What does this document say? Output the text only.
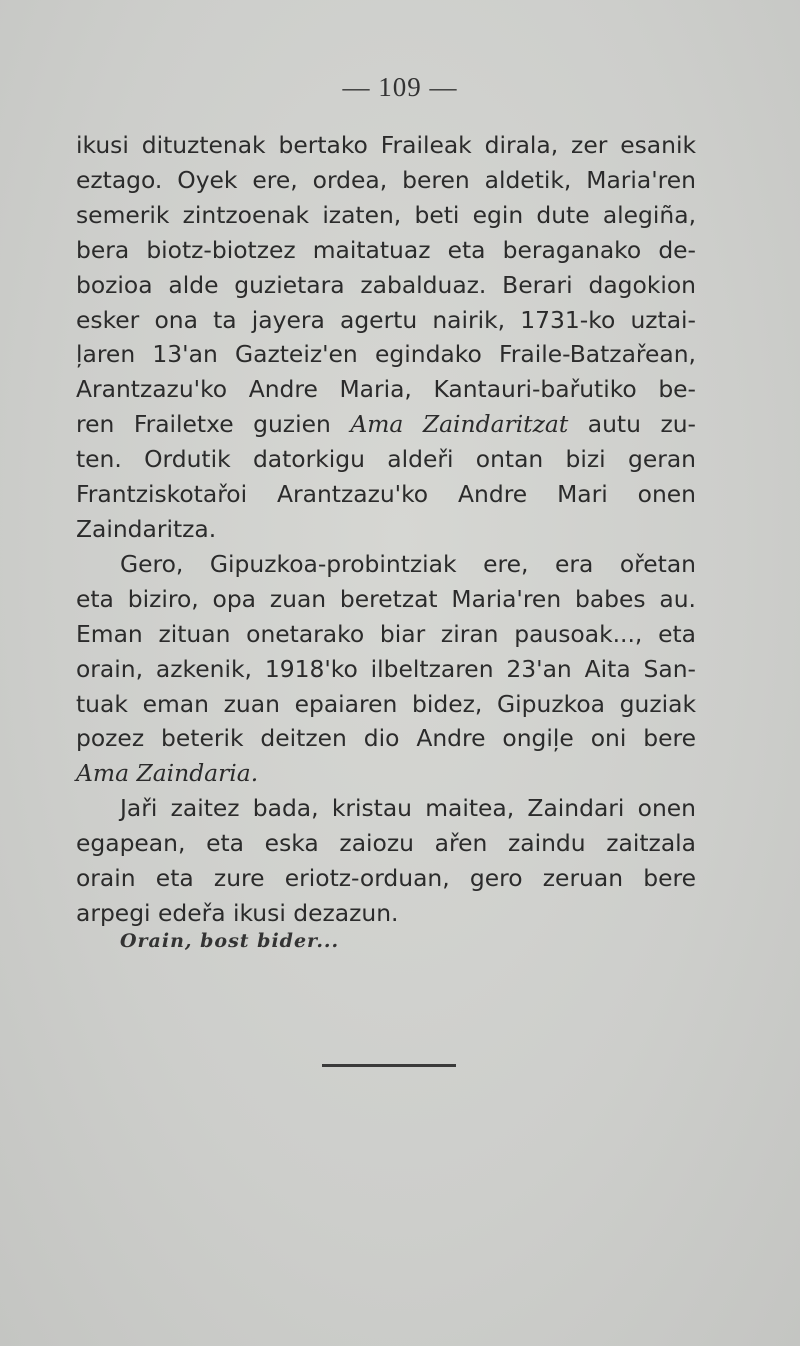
— 109 —

ikusi dituztenak bertako Fraileak dirala, zer esanik
eztago. Oyek ere, ordea, beren aldetik, Maria'ren
semerik zintzoenak izaten, beti egin dute alegiña,
bera biotz-biotzez maitatuaz eta beraganako de-
bozioa alde guzietara zabalduaz. Berari dagokion
esker ona ta jayera agertu nairik, 1731-ko uztai-
ļaren 13'an Gazteiz'en egindako Fraile-Batzařean,
Arantzazu'ko Andre Maria, Kantauri-bařutiko be-
ren Frailetxe guzien Ama Zaindaritzat autu zu-
ten. Ordutik datorkigu aldeři ontan bizi geran
Frantziskotařoi Arantzazu'ko Andre Mari onen
Zaindaritza.

Gero, Gipuzkoa-probintziak ere, era ořetan
eta biziro, opa zuan beretzat Maria'ren babes au.
Eman zituan onetarako biar ziran pausoak..., eta
orain, azkenik, 1918'ko ilbeltzaren 23'an Aita San-
tuak eman zuan epaiaren bidez, Gipuzkoa guziak
pozez beterik deitzen dio Andre ongiļe oni bere
Ama Zaindaria.

Jaři zaitez bada, kristau maitea, Zaindari onen
egapean, eta eska zaiozu ařen zaindu zaitzala
orain eta zure eriotz-orduan, gero zeruan bere
arpegi edeřa ikusi dezazun.

Orain, bost bider...
